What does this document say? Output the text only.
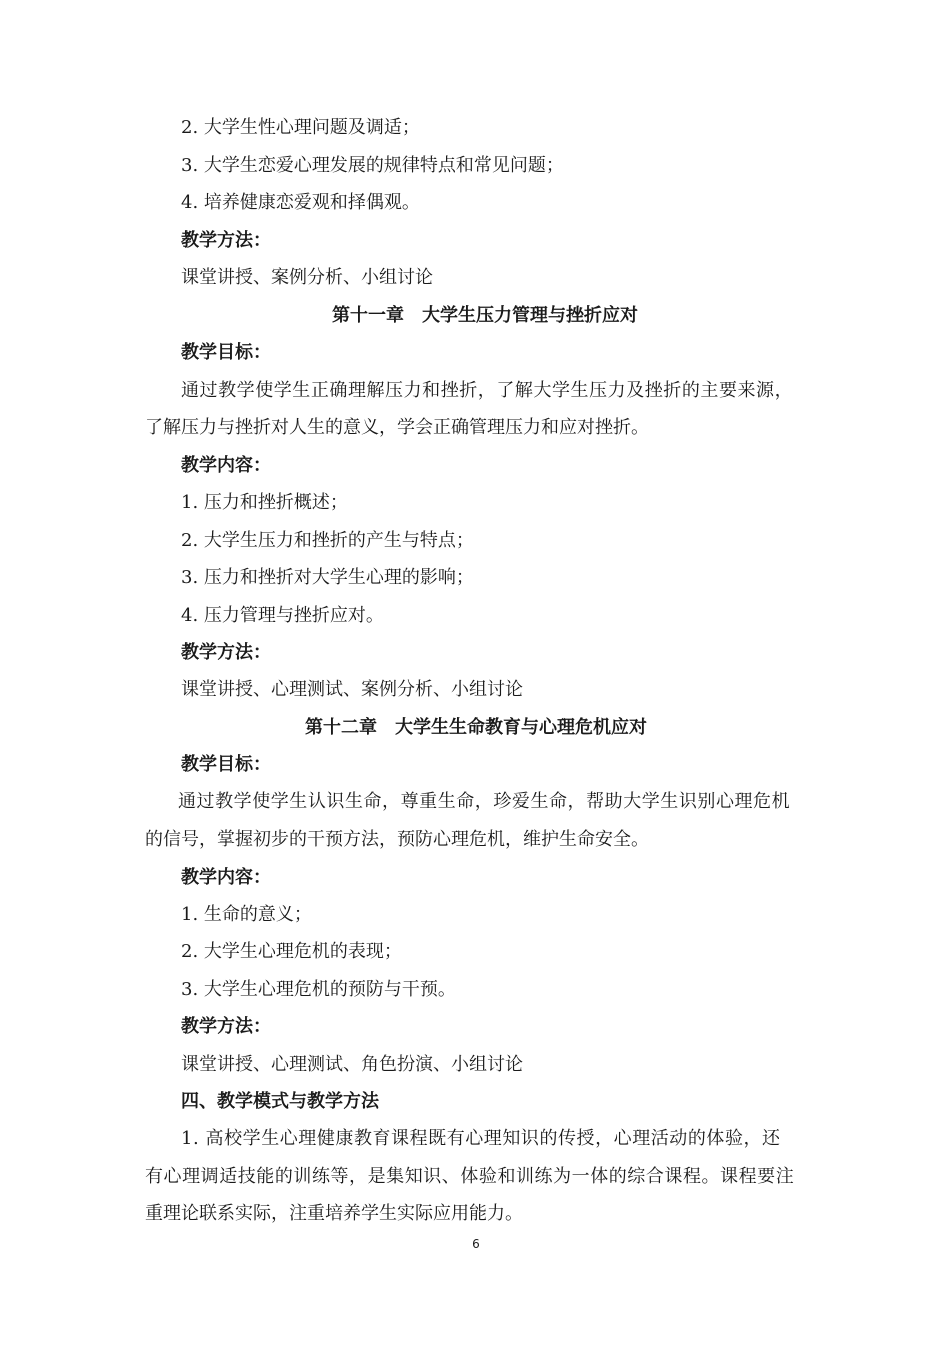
2. 大学生性心理问题及调适；
3. 大学生恋爱心理发展的规律特点和常见问题；
4. 培养健康恋爱观和择偶观。
教学方法：
课堂讲授、案例分析、小组讨论
第十一章　大学生压力管理与挫折应对
教学目标：
通过教学使学生正确理解压力和挫折，了解大学生压力及挫折的主要来源，
了解压力与挫折对人生的意义，学会正确管理压力和应对挫折。
教学内容：
1. 压力和挫折概述；
2. 大学生压力和挫折的产生与特点；
3. 压力和挫折对大学生心理的影响；
4. 压力管理与挫折应对。
教学方法：
课堂讲授、心理测试、案例分析、小组讨论
第十二章　大学生生命教育与心理危机应对
教学目标：
通过教学使学生认识生命，尊重生命，珍爱生命，帮助大学生识别心理危机
的信号，掌握初步的干预方法，预防心理危机，维护生命安全。
教学内容：
1. 生命的意义；
2. 大学生心理危机的表现；
3. 大学生心理危机的预防与干预。
教学方法：
课堂讲授、心理测试、角色扮演、小组讨论
四、教学模式与教学方法
1. 高校学生心理健康教育课程既有心理知识的传授，心理活动的体验，还
有心理调适技能的训练等，是集知识、体验和训练为一体的综合课程。课程要注
重理论联系实际，注重培养学生实际应用能力。
6
